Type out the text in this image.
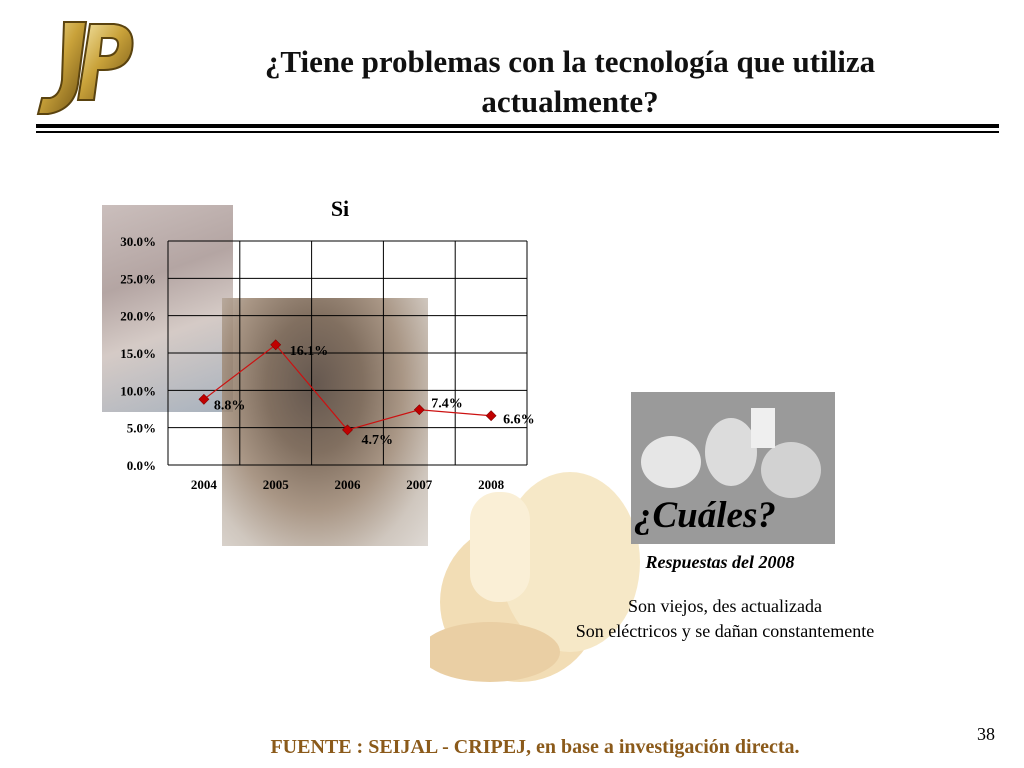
¿Tiene problemas con la tecnología que utiliza actualmente?
Si
0.0%
5.0%
10.0%
15.0%
20.0%
25.0%
30.0%
2004	2005	2006	2007	2008
8.8%
16.1%
4.7%
7.4%
6.6%
¿Cuáles?
Respuestas del 2008
Son viejos, des actualizada
Son eléctricos y se dañan constantemente
FUENTE : SEIJAL - CRIPEJ, en base a investigación directa.
38
